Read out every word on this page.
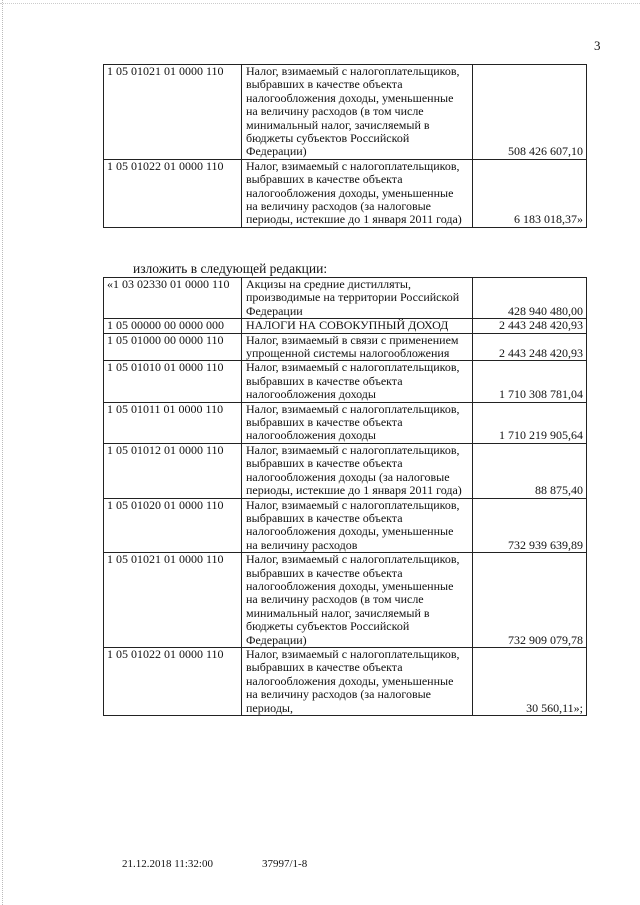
3
1 05 01021 01 0000 110	Налог, взимаемый с налогоплательщиков, выбравших в качестве объекта налогообложения доходы, уменьшенные на величину расходов (в том числе минимальный налог, зачисляемый в бюджеты субъектов Российской Федерации)	508 426 607,10
1 05 01022 01 0000 110	Налог, взимаемый с налогоплательщиков, выбравших в качестве объекта налогообложения доходы, уменьшенные на величину расходов (за налоговые периоды, истекшие до 1 января 2011 года)	6 183 018,37»
изложить в следующей редакции:
«1 03 02330 01 0000 110	Акцизы на средние дистилляты, производимые на территории Российской Федерации	428 940 480,00
1 05 00000 00 0000 000	НАЛОГИ НА СОВОКУПНЫЙ ДОХОД	2 443 248 420,93
1 05 01000 00 0000 110	Налог, взимаемый в связи с применением упрощенной системы налогообложения	2 443 248 420,93
1 05 01010 01 0000 110	Налог, взимаемый с налогоплательщиков, выбравших в качестве объекта налогообложения доходы	1 710 308 781,04
1 05 01011 01 0000 110	Налог, взимаемый с налогоплательщиков, выбравших в качестве объекта налогообложения доходы	1 710 219 905,64
1 05 01012 01 0000 110	Налог, взимаемый с налогоплательщиков, выбравших в качестве объекта налогообложения доходы (за налоговые периоды, истекшие до 1 января 2011 года)	88 875,40
1 05 01020 01 0000 110	Налог, взимаемый с налогоплательщиков, выбравших в качестве объекта налогообложения доходы, уменьшенные на величину расходов	732 939 639,89
1 05 01021 01 0000 110	Налог, взимаемый с налогоплательщиков, выбравших в качестве объекта налогообложения доходы, уменьшенные на величину расходов (в том числе минимальный налог, зачисляемый в бюджеты субъектов Российской Федерации)	732 909 079,78
1 05 01022 01 0000 110	Налог, взимаемый с налогоплательщиков, выбравших в качестве объекта налогообложения доходы, уменьшенные на величину расходов (за налоговые периоды,	30 560,11»;
21.12.2018 11:32:00	37997/1-8
